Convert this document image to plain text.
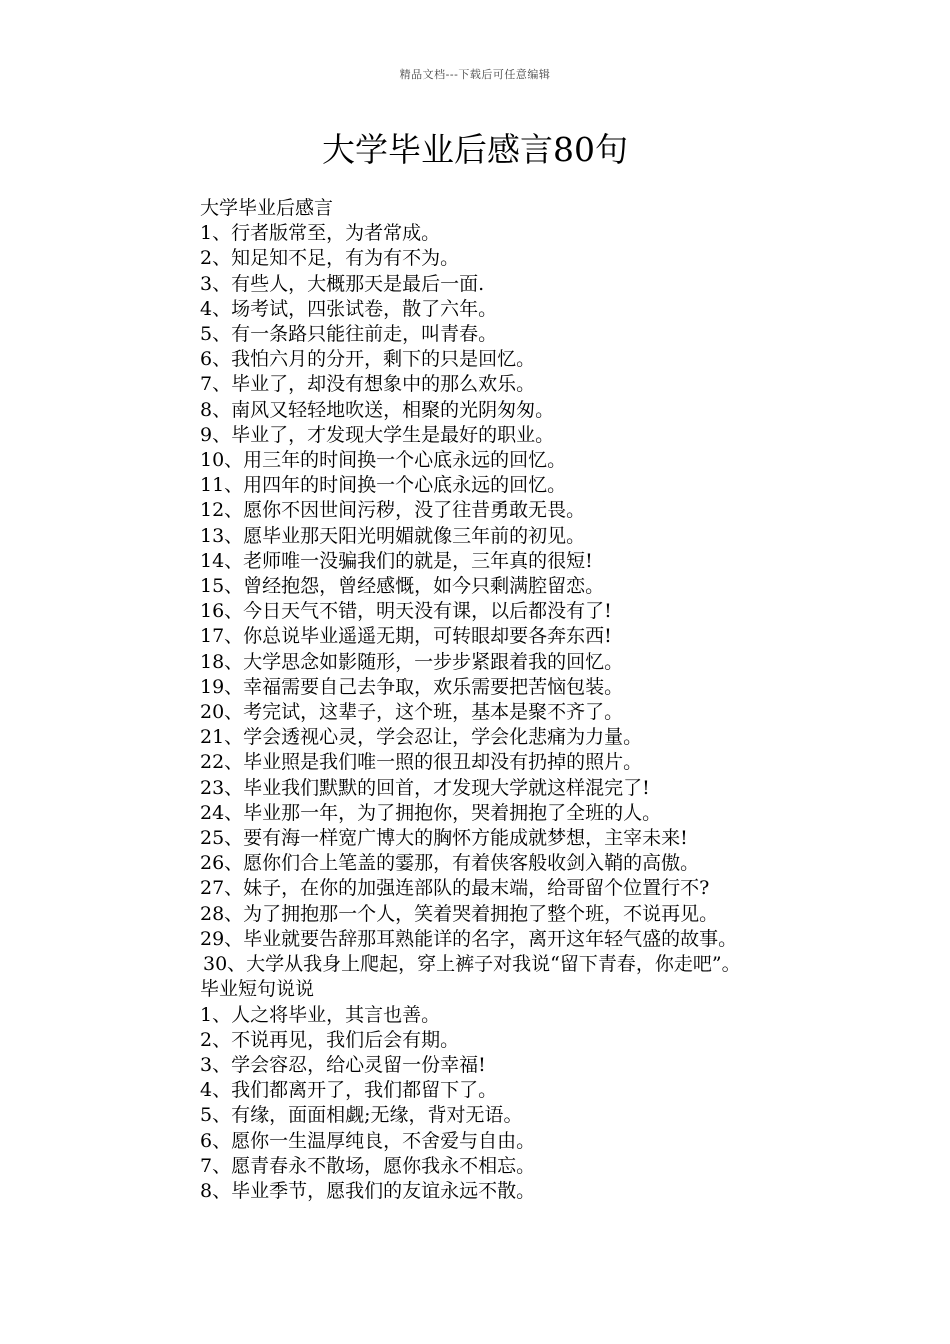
精品文档---下载后可任意编辑
大学毕业后感言80句

大学毕业后感言

1、行者版常至，为者常成。

2、知足知不足，有为有不为。

3、有些人，大概那天是最后一面.

4、场考试，四张试卷，散了六年。

5、有一条路只能往前走，叫青春。

6、我怕六月的分开，剩下的只是回忆。

7、毕业了，却没有想象中的那么欢乐。

8、南风又轻轻地吹送，相聚的光阴匆匆。

9、毕业了，才发现大学生是最好的职业。

10、用三年的时间换一个心底永远的回忆。

11、用四年的时间换一个心底永远的回忆。

12、愿你不因世间污秽，没了往昔勇敢无畏。

13、愿毕业那天阳光明媚就像三年前的初见。

14、老师唯一没骗我们的就是，三年真的很短!

15、曾经抱怨，曾经感慨，如今只剩满腔留恋。

16、今日天气不错，明天没有课，以后都没有了!

17、你总说毕业遥遥无期，可转眼却要各奔东西!

18、大学思念如影随形，一步步紧跟着我的回忆。

19、幸福需要自己去争取，欢乐需要把苦恼包装。

20、考完试，这辈子，这个班，基本是聚不齐了。

21、学会透视心灵，学会忍让，学会化悲痛为力量。

22、毕业照是我们唯一照的很丑却没有扔掉的照片。

23、毕业我们默默的回首，才发现大学就这样混完了!

24、毕业那一年，为了拥抱你，哭着拥抱了全班的人。

25、要有海一样宽广博大的胸怀方能成就梦想，主宰未来!

26、愿你们合上笔盖的霎那，有着侠客般收剑入鞘的高傲。

27、妹子，在你的加强连部队的最末端，给哥留个位置行不?

28、为了拥抱那一个人，笑着哭着拥抱了整个班，不说再见。

29、毕业就要告辞那耳熟能详的名字，离开这年轻气盛的故事。

30、大学从我身上爬起，穿上裤子对我说“留下青春，你走吧”。

毕业短句说说

1、人之将毕业，其言也善。

2、不说再见，我们后会有期。

3、学会容忍，给心灵留一份幸福!

4、我们都离开了，我们都留下了。

5、有缘，面面相觑;无缘，背对无语。

6、愿你一生温厚纯良，不舍爱与自由。

7、愿青春永不散场，愿你我永不相忘。

8、毕业季节，愿我们的友谊永远不散。
